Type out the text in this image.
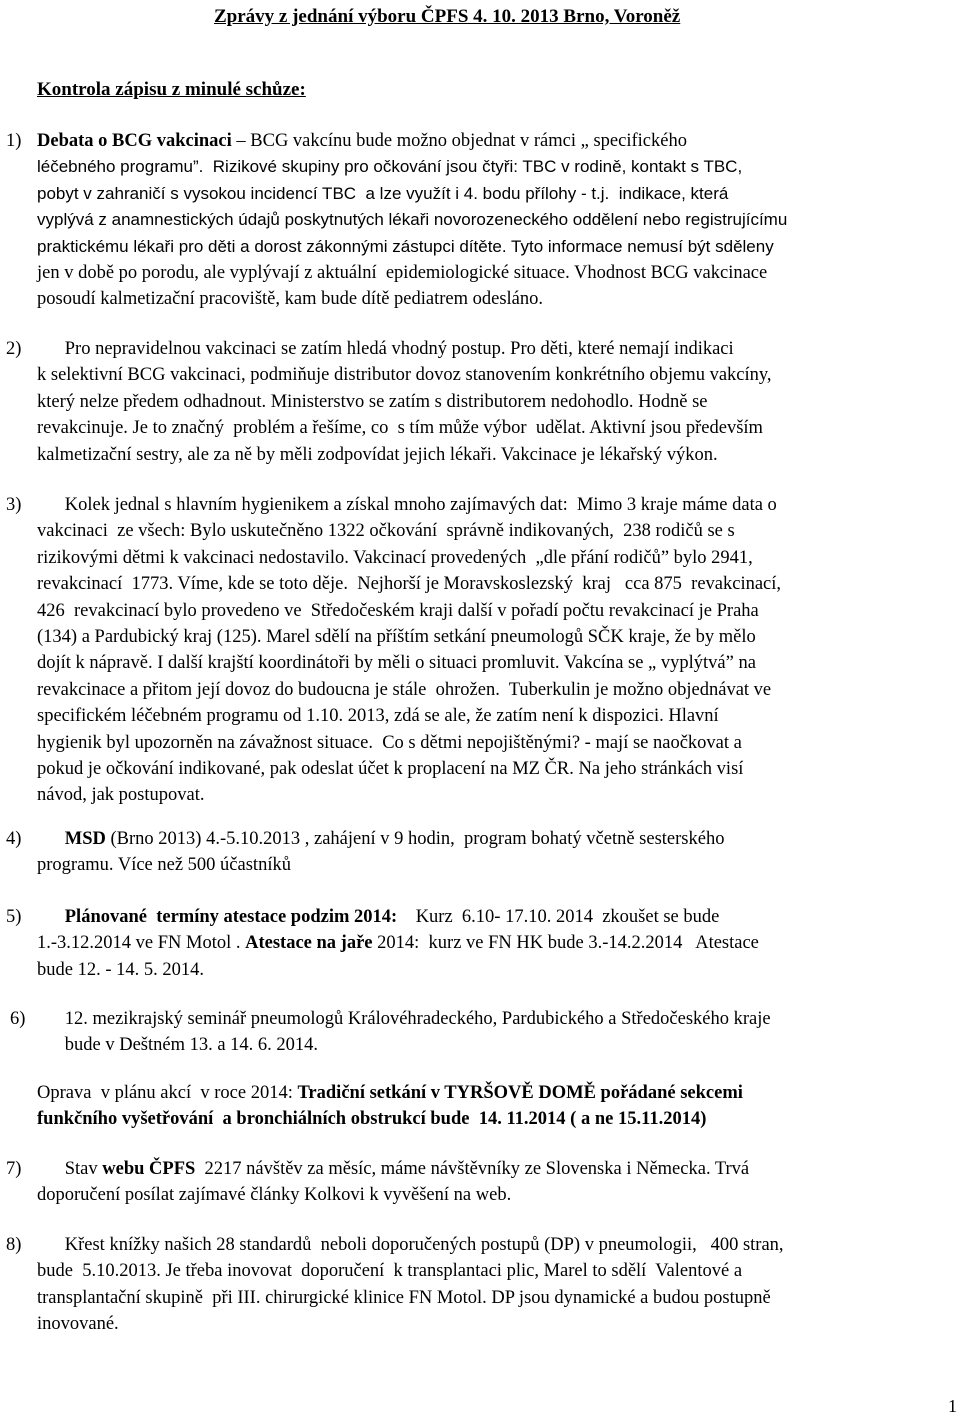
Zprávy z jednání výboru ČPFS 4. 10. 2013 Brno, Voroněž
Kontrola zápisu z minulé schůze:
1) Debata o BCG vakcinaci – BCG vakcínu bude možno objednat v rámci „ specifického
léčebného programu”.  Rizikové skupiny pro očkování jsou čtyři: TBC v rodině, kontakt s TBC,
pobyt v zahraničí s vysokou incidencí TBC  a lze využít i 4. bodu přílohy - t.j.  indikace, která
vyplývá z anamnestických údajů poskytnutých lékaři novorozeneckého oddělení nebo registrujícímu
praktickému lékaři pro děti a dorost zákonnými zástupci dítěte. Tyto informace nemusí být sděleny
jen v době po porodu, ale vyplývají z aktuální  epidemiologické situace. Vhodnost BCG vakcinace
posoudí kalmetizační pracoviště, kam bude dítě pediatrem odesláno.
2) Pro nepravidelnou vakcinaci se zatím hledá vhodný postup. Pro děti, které nemají indikaci
k selektivní BCG vakcinaci, podmiňuje distributor dovoz stanovením konkrétního objemu vakcíny,
který nelze předem odhadnout. Ministerstvo se zatím s distributorem nedohodlo. Hodně se
revakcinuje. Je to značný  problém a řešíme, co  s tím může výbor  udělat. Aktivní jsou především
kalmetizační sestry, ale za ně by měli zodpovídat jejich lékaři. Vakcinace je lékařský výkon.
3) Kolek jednal s hlavním hygienikem a získal mnoho zajímavých dat:  Mimo 3 kraje máme data o
vakcinaci  ze všech: Bylo uskutečněno 1322 očkování  správně indikovaných,  238 rodičů se s
rizikovými dětmi k vakcinaci nedostavilo. Vakcinací provedených  „dle přání rodičů” bylo 2941,
revakcinací  1773. Víme, kde se toto děje.  Nejhorší je Moravskoslezský  kraj   cca 875  revakcinací,
426  revakcinací bylo provedeno ve  Středočeském kraji další v pořadí počtu revakcinací je Praha
(134) a Pardubický kraj (125). Marel sdělí na příštím setkání pneumologů SČK kraje, že by mělo
dojít k nápravě. I další krajští koordinátoři by měli o situaci promluvit. Vakcína se „ vyplýtvá” na
revakcinace a přitom její dovoz do budoucna je stále  ohrožen.  Tuberkulin je možno objednávat ve
specifickém léčebném programu od 1.10. 2013, zdá se ale, že zatím není k dispozici. Hlavní
hygienik byl upozorněn na závažnost situace.  Co s dětmi nepojištěnými? - mají se naočkovat a
pokud je očkování indikované, pak odeslat účet k proplacení na MZ ČR. Na jeho stránkách visí
návod, jak postupovat.
4)	MSD (Brno 2013) 4.-5.10.2013 , zahájení v 9 hodin,  program bohatý včetně sesterského
programu. Více než 500 účastníků
5)	Plánované  termíny atestace podzim 2014:    Kurz  6.10- 17.10. 2014  zkoušet se bude
1.-3.12.2014 ve FN Motol . Atestace na jaře 2014:  kurz ve FN HK bude 3.-14.2.2014   Atestace
bude 12. - 14. 5. 2014.
6) 12. mezikrajský seminář pneumologů Královéhradeckého, Pardubického a Středočeského kraje
bude v Deštném 13. a 14. 6. 2014.
Oprava  v plánu akcí  v roce 2014: Tradiční setkání v TYRŠOVĚ DOMĚ pořádané sekcemi
funkčního vyšetřování  a bronchiálních obstrukcí bude  14. 11.2014 ( a ne 15.11.2014)
7) Stav webu ČPFS  2217 návštěv za měsíc, máme návštěvníky ze Slovenska i Německa. Trvá
doporučení posílat zajímavé články Kolkovi k vyvěšení na web.
8) Křest knížky našich 28 standardů  neboli doporučených postupů (DP) v pneumologii,   400 stran,
bude  5.10.2013. Je třeba inovovat  doporučení  k transplantaci plic, Marel to sdělí  Valentové a
transplantační skupině  při III. chirurgické klinice FN Motol. DP jsou dynamické a budou postupně
inovované.
1
